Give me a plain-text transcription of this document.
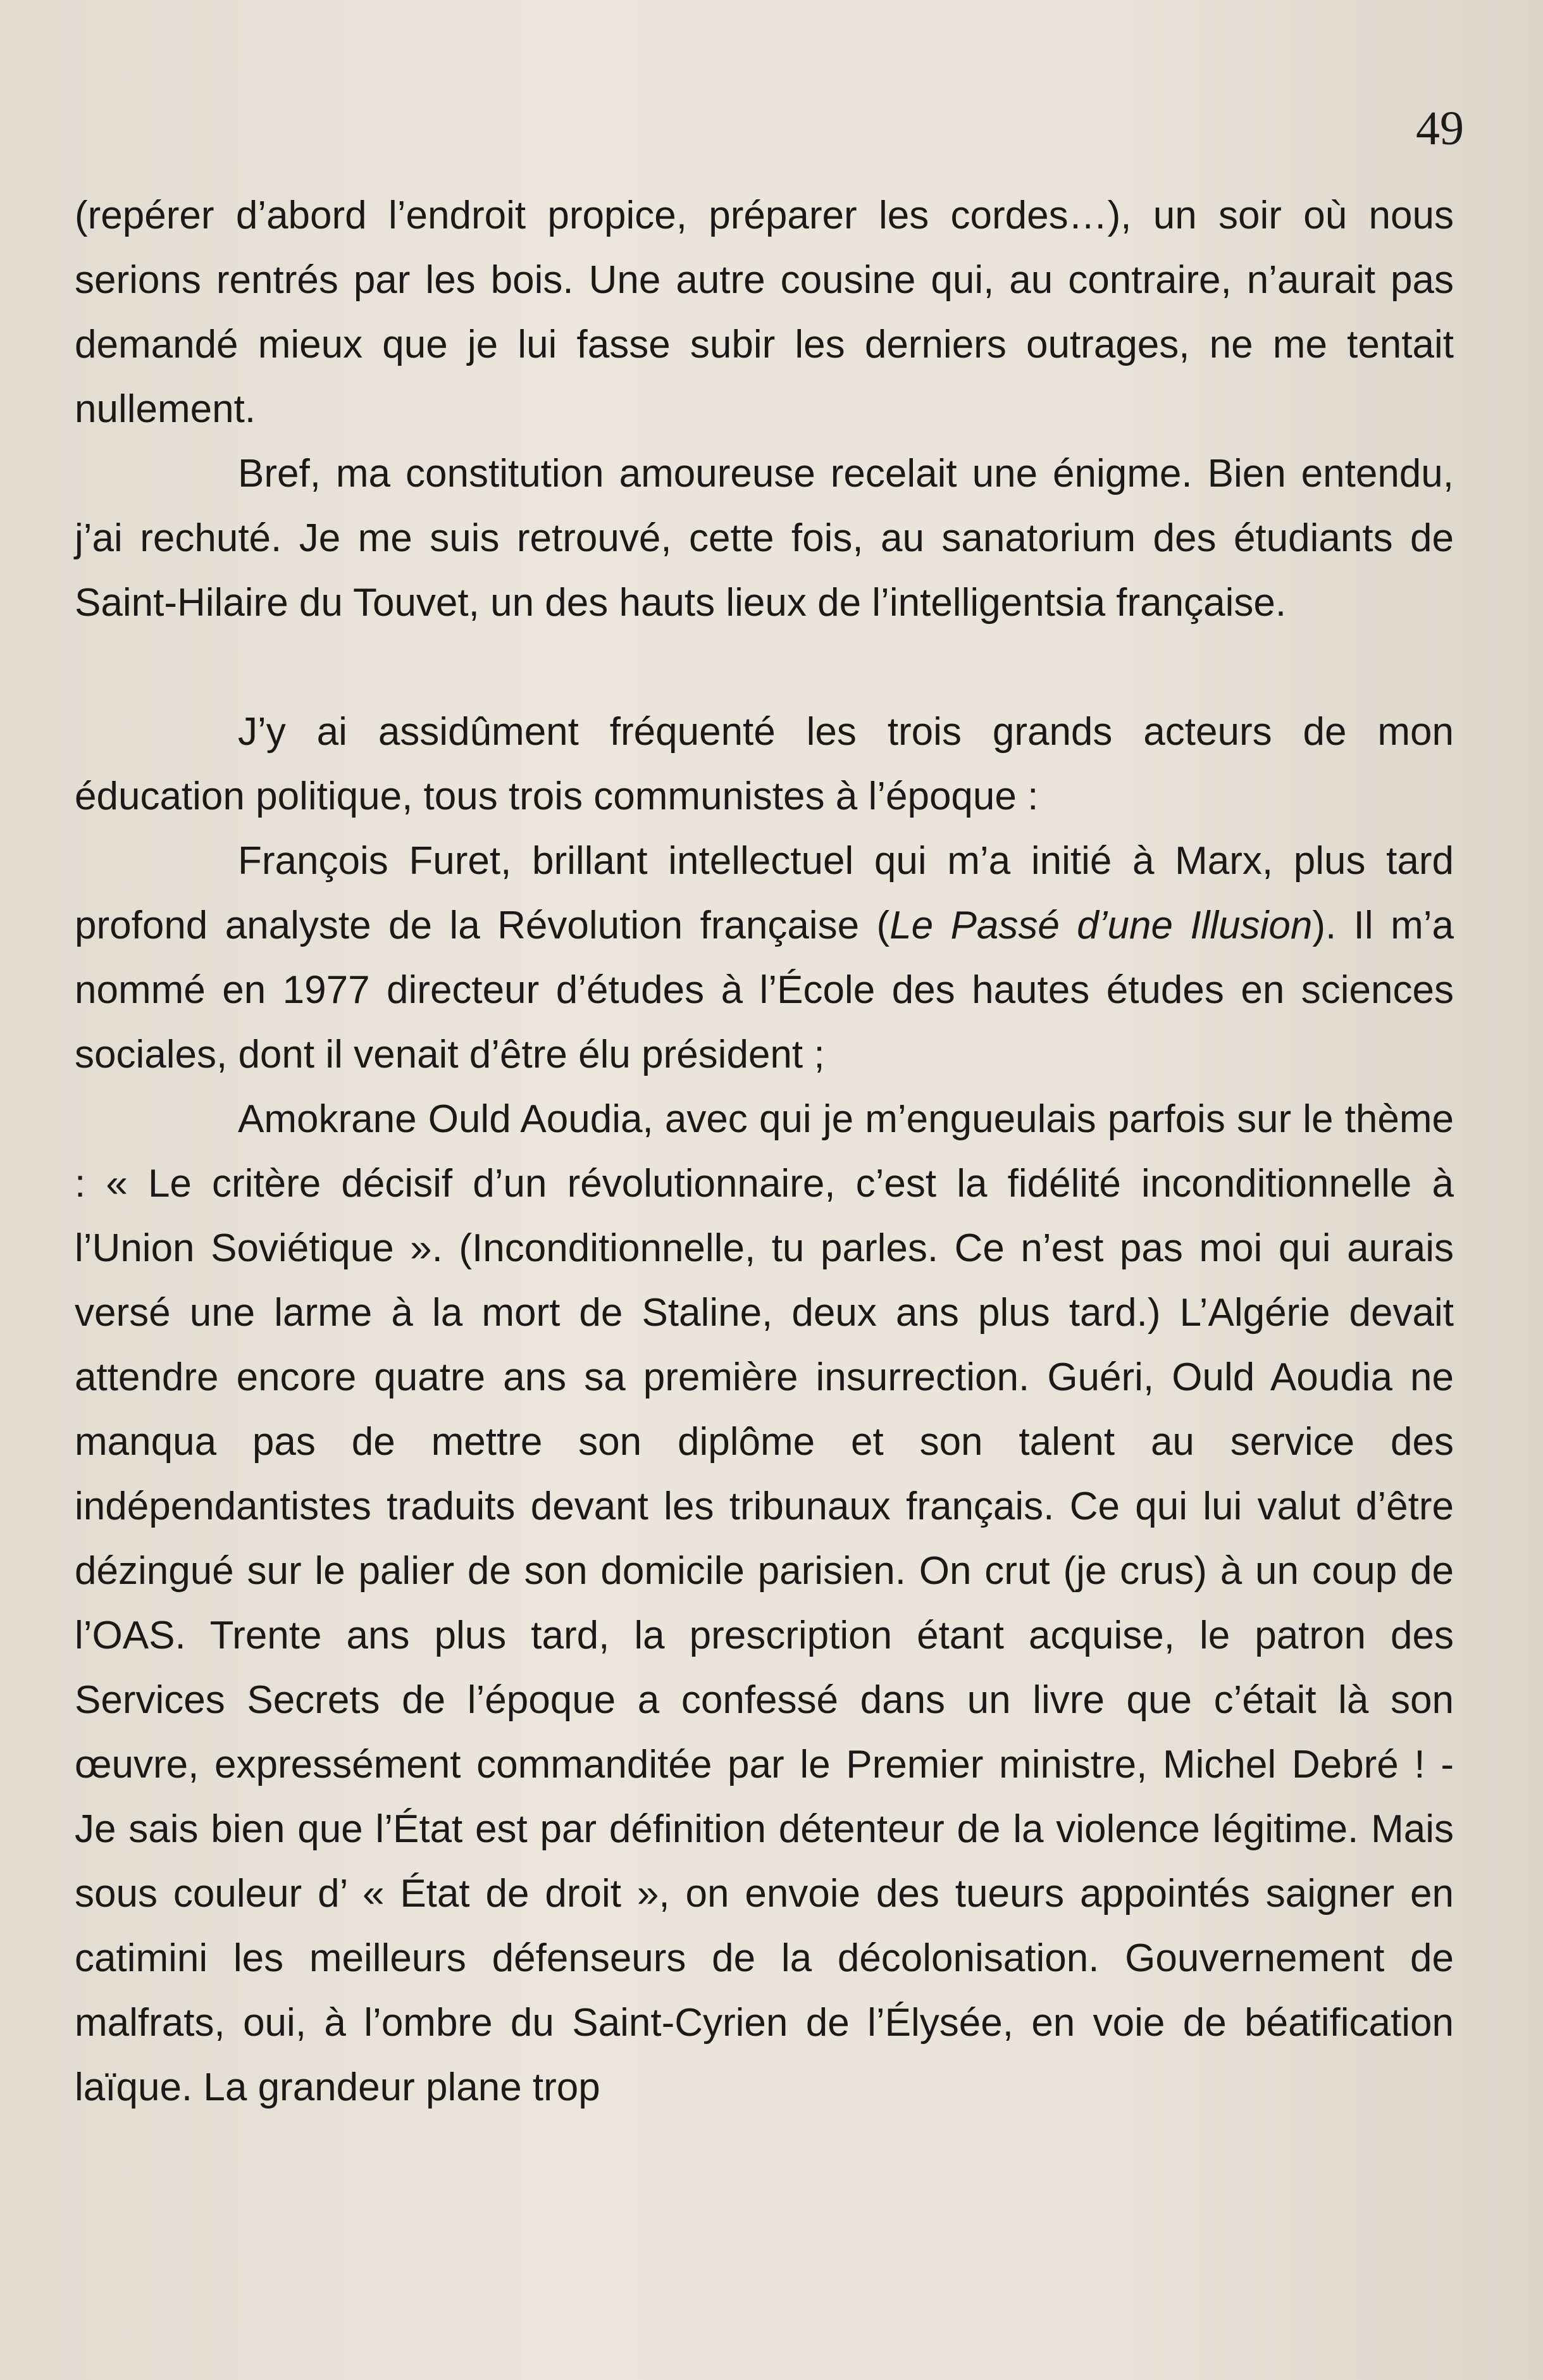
49

(repérer d’abord l’endroit propice, préparer les cordes…), un soir où nous serions rentrés par les bois. Une autre cousine qui, au contraire, n’aurait pas demandé mieux que je lui fasse subir les derniers outrages, ne me tentait nullement.

Bref, ma constitution amoureuse recelait une énigme. Bien entendu, j’ai rechuté. Je me suis retrouvé, cette fois, au sanatorium des étudiants de Saint-Hilaire du Touvet, un des hauts lieux de l’intelligentsia française.

J’y ai assidûment fréquenté les trois grands acteurs de mon éducation politique, tous trois communistes à l’époque :

François Furet, brillant intellectuel qui m’a initié à Marx, plus tard profond analyste de la Révolution française (Le Passé d’une Illusion). Il m’a nommé en 1977 directeur d’études à l’École des hautes études en sciences sociales, dont il venait d’être élu président ;

Amokrane Ould Aoudia, avec qui je m’engueulais parfois sur le thème : « Le critère décisif d’un révolutionnaire, c’est la fidélité inconditionnelle à l’Union Soviétique ». (Inconditionnelle, tu parles. Ce n’est pas moi qui aurais versé une larme à la mort de Staline, deux ans plus tard.) L’Algérie devait attendre encore quatre ans sa première insurrection. Guéri, Ould Aoudia ne manqua pas de mettre son diplôme et son talent au service des indépendantistes traduits devant les tribunaux français. Ce qui lui valut d’être dézingué sur le palier de son domicile parisien. On crut (je crus) à un coup de l’OAS. Trente ans plus tard, la prescription étant acquise, le patron des Services Secrets de l’époque a confessé dans un livre que c’était là son œuvre, expressément commanditée par le Premier ministre, Michel Debré ! - Je sais bien que l’État est par définition détenteur de la violence légitime. Mais sous couleur d’ « État de droit », on envoie des tueurs appointés saigner en catimini les meilleurs défenseurs de la décolonisation. Gouvernement de malfrats, oui, à l’ombre du Saint-Cyrien de l’Élysée, en voie de béatification laïque. La grandeur plane trop
